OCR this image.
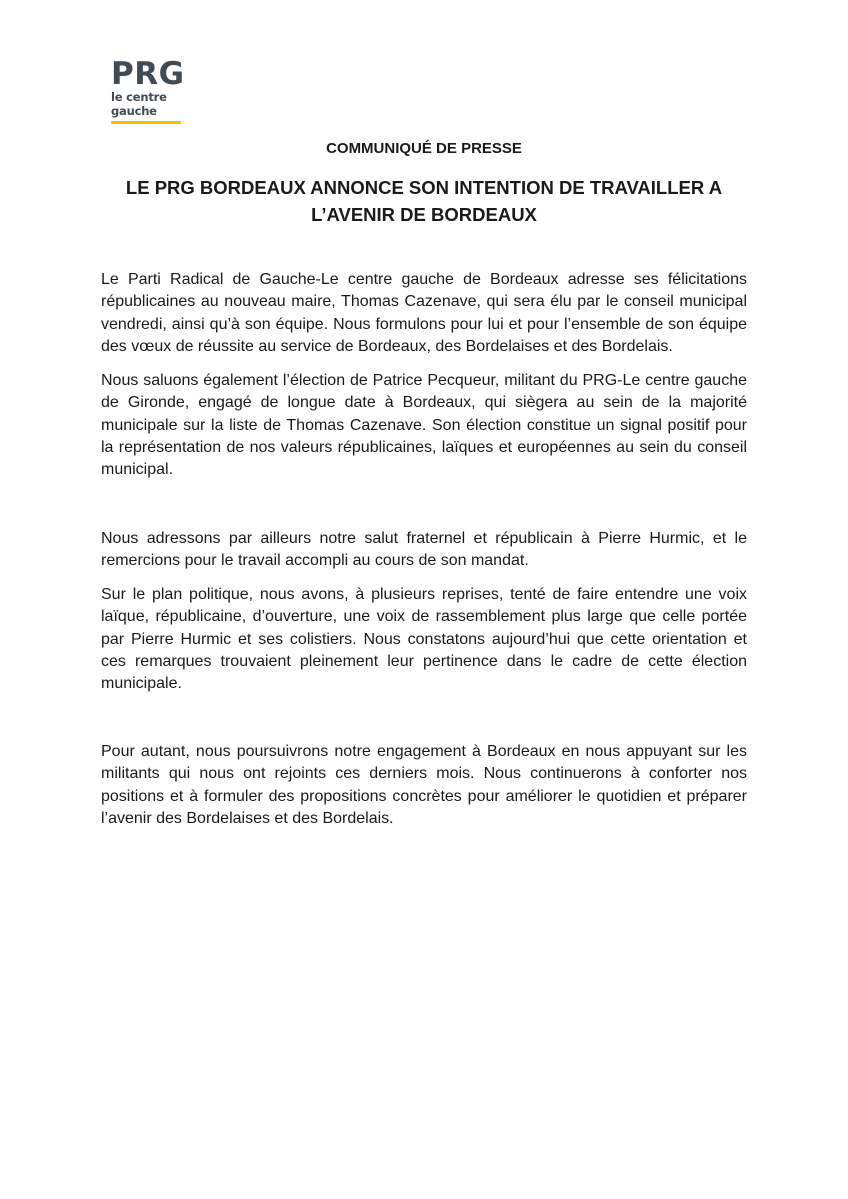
PRG
le centre gauche
COMMUNIQUÉ DE PRESSE
LE PRG BORDEAUX ANNONCE SON INTENTION DE TRAVAILLER A L’AVENIR DE BORDEAUX

Le Parti Radical de Gauche-Le centre gauche de Bordeaux adresse ses félicitations républicaines au nouveau maire, Thomas Cazenave, qui sera élu par le conseil municipal vendredi, ainsi qu’à son équipe. Nous formulons pour lui et pour l’ensemble de son équipe des vœux de réussite au service de Bordeaux, des Bordelaises et des Bordelais.

Nous saluons également l’élection de Patrice Pecqueur, militant du PRG-Le centre gauche de Gironde, engagé de longue date à Bordeaux, qui siègera au sein de la majorité municipale sur la liste de Thomas Cazenave. Son élection constitue un signal positif pour la représentation de nos valeurs républicaines, laïques et européennes au sein du conseil municipal.

Nous adressons par ailleurs notre salut fraternel et républicain à Pierre Hurmic, et le remercions pour le travail accompli au cours de son mandat.

Sur le plan politique, nous avons, à plusieurs reprises, tenté de faire entendre une voix laïque, républicaine, d’ouverture, une voix de rassemblement plus large que celle portée par Pierre Hurmic et ses colistiers. Nous constatons aujourd’hui que cette orientation et ces remarques trouvaient pleinement leur pertinence dans le cadre de cette élection municipale.

Pour autant, nous poursuivrons notre engagement à Bordeaux en nous appuyant sur les militants qui nous ont rejoints ces derniers mois. Nous continuerons à conforter nos positions et à formuler des propositions concrètes pour améliorer le quotidien et préparer l’avenir des Bordelaises et des Bordelais.
